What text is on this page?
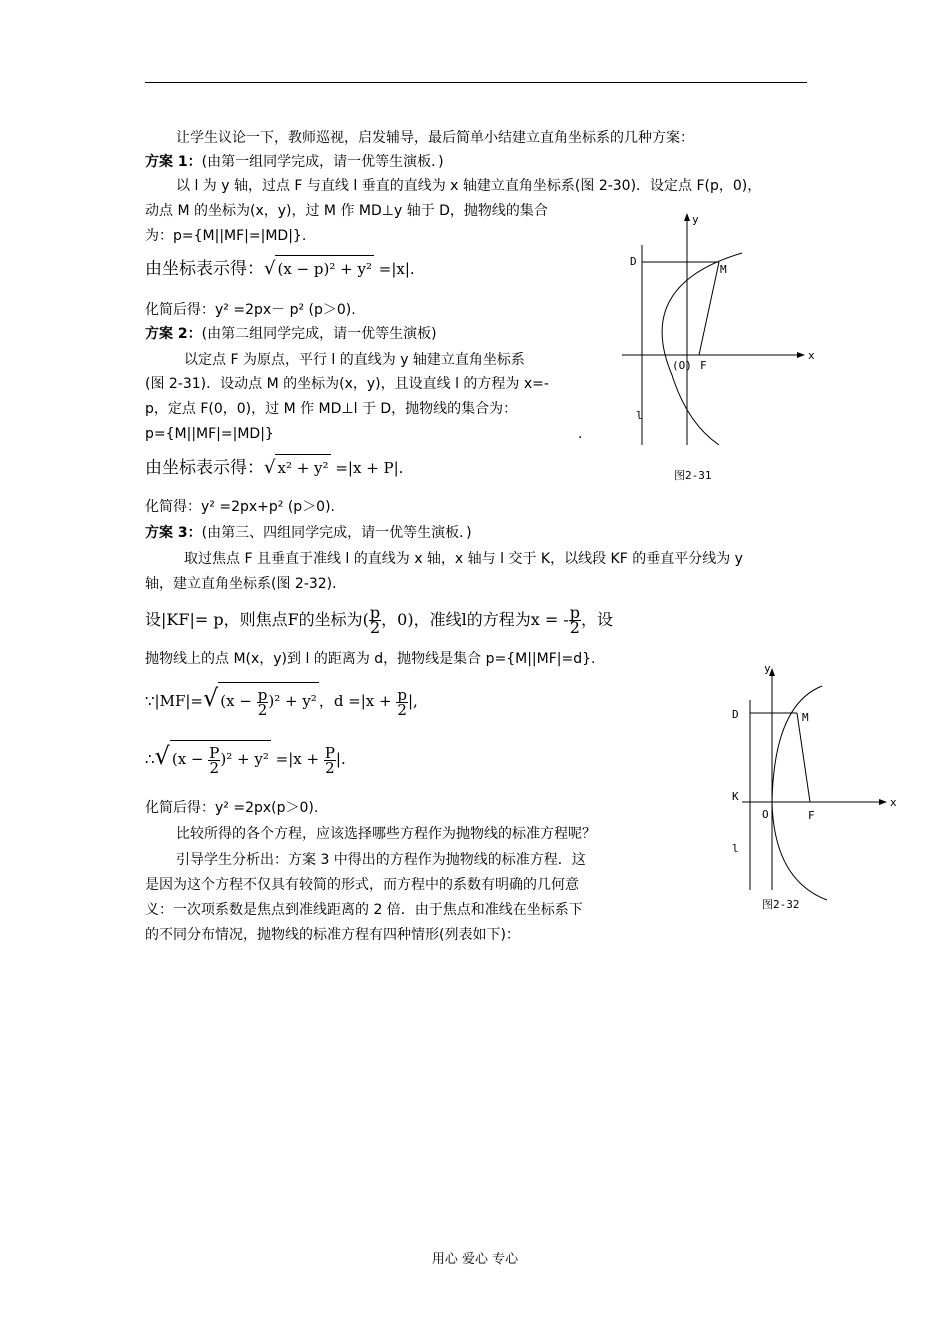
让学生议论一下，教师巡视，启发辅导，最后简单小结建立直角坐标系的几种方案：
方案 1：(由第一组同学完成，请一优等生演板．)
以 l 为 y 轴，过点 F 与直线 l 垂直的直线为 x 轴建立直角坐标系(图 2-30)．设定点 F(p，0)，
动点 M 的坐标为(x，y)，过 M 作 MD⊥y 轴于 D，抛物线的集合
为：p={M||MF|=|MD|}.
由坐标表示得：√ (x − p)² + y² =|x|.
化简后得：y² =2px－ p² (p＞0).
方案 2：(由第二组同学完成，请一优等生演板)
以定点 F 为原点，平行 l 的直线为 y 轴建立直角坐标系
(图 2-31)．设动点 M 的坐标为(x，y)，且设直线 l 的方程为 x=-
p，定点 F(0，0)，过 M 作 MD⊥l 于 D，抛物线的集合为：
p={M||MF|=|MD|}	.
由坐标表示得：√ x² + y² =|x + P|.
化简得：y² =2px+p² (p＞0).
方案 3：(由第三、四组同学完成，请一优等生演板．)
取过焦点 F 且垂直于准线 l 的直线为 x 轴，x 轴与 l 交于 K，以线段 KF 的垂直平分线为 y
轴，建立直角坐标系(图 2-32)．
设|KF|= p，则焦点F的坐标为( $\frac{p}{2}$ ，0)，准线l的方程为x = - $\frac{p}{2}$ ，设
抛物线上的点 M(x，y)到 l 的距离为 d，抛物线是集合 p={M||MF|=d}.
∵|MF|=√ $(x - \frac{p}{2} )^2 + y^2$ ，$d =|x + \frac{p}{2}$ |,
∴√ $(x - \frac{P}{2} )^2 + y^2 =|x + \frac{P}{2}$ |.
化简后得：y² =2px(p＞0).
比较所得的各个方程，应该选择哪些方程作为抛物线的标准方程呢？
引导学生分析出：方案 3 中得出的方程作为抛物线的标准方程．这
是因为这个方程不仅具有较简的形式，而方程中的系数有明确的几何意
义：一次项系数是焦点到准线距离的 2 倍．由于焦点和准线在坐标系下
的不同分布情况，抛物线的标准方程有四种情形(列表如下)：
y
x
D
M
(O) F
l
图2-31
y
x
D	M
K
O	F
l
图2-32
用心 爱心 专心
